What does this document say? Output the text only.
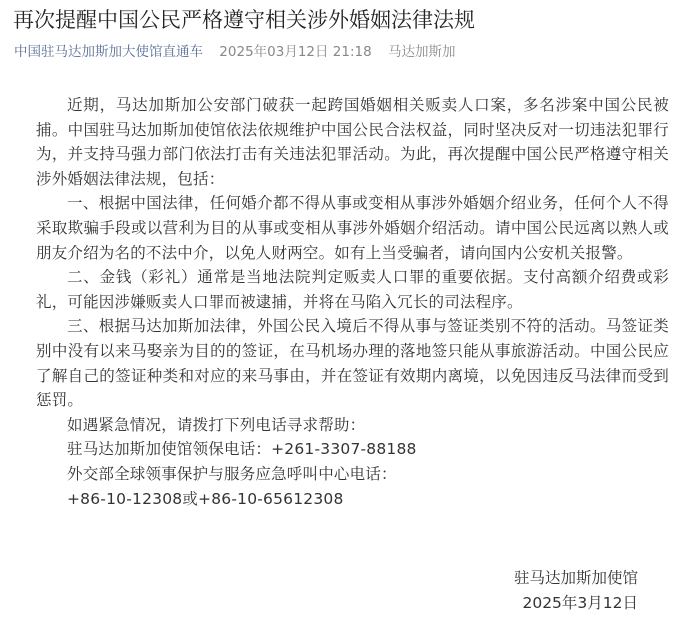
再次提醒中国公民严格遵守相关涉外婚姻法律法规
中国驻马达加斯加大使馆直通车 2025年03月12日 21:18 马达加斯加

近期，马达加斯加公安部门破获一起跨国婚姻相关贩卖人口案，多名涉案中国公民被捕。中国驻马达加斯加使馆依法依规维护中国公民合法权益，同时坚决反对一切违法犯罪行为，并支持马强力部门依法打击有关违法犯罪活动。为此，再次提醒中国公民严格遵守相关涉外婚姻法律法规，包括：

一、根据中国法律，任何婚介都不得从事或变相从事涉外婚姻介绍业务，任何个人不得采取欺骗手段或以营利为目的从事或变相从事涉外婚姻介绍活动。请中国公民远离以熟人或朋友介绍为名的不法中介，以免人财两空。如有上当受骗者，请向国内公安机关报警。

二、金钱（彩礼）通常是当地法院判定贩卖人口罪的重要依据。支付高额介绍费或彩礼，可能因涉嫌贩卖人口罪而被逮捕，并将在马陷入冗长的司法程序。

三、根据马达加斯加法律，外国公民入境后不得从事与签证类别不符的活动。马签证类别中没有以来马娶亲为目的的签证，在马机场办理的落地签只能从事旅游活动。中国公民应了解自己的签证种类和对应的来马事由，并在签证有效期内离境，以免因违反马法律而受到惩罚。

如遇紧急情况，请拨打下列电话寻求帮助：

驻马达加斯加使馆领保电话：+261-3307-88188

外交部全球领事保护与服务应急呼叫中心电话：

+86-10-12308或+86-10-65612308

驻马达加斯加使馆
2025年3月12日
